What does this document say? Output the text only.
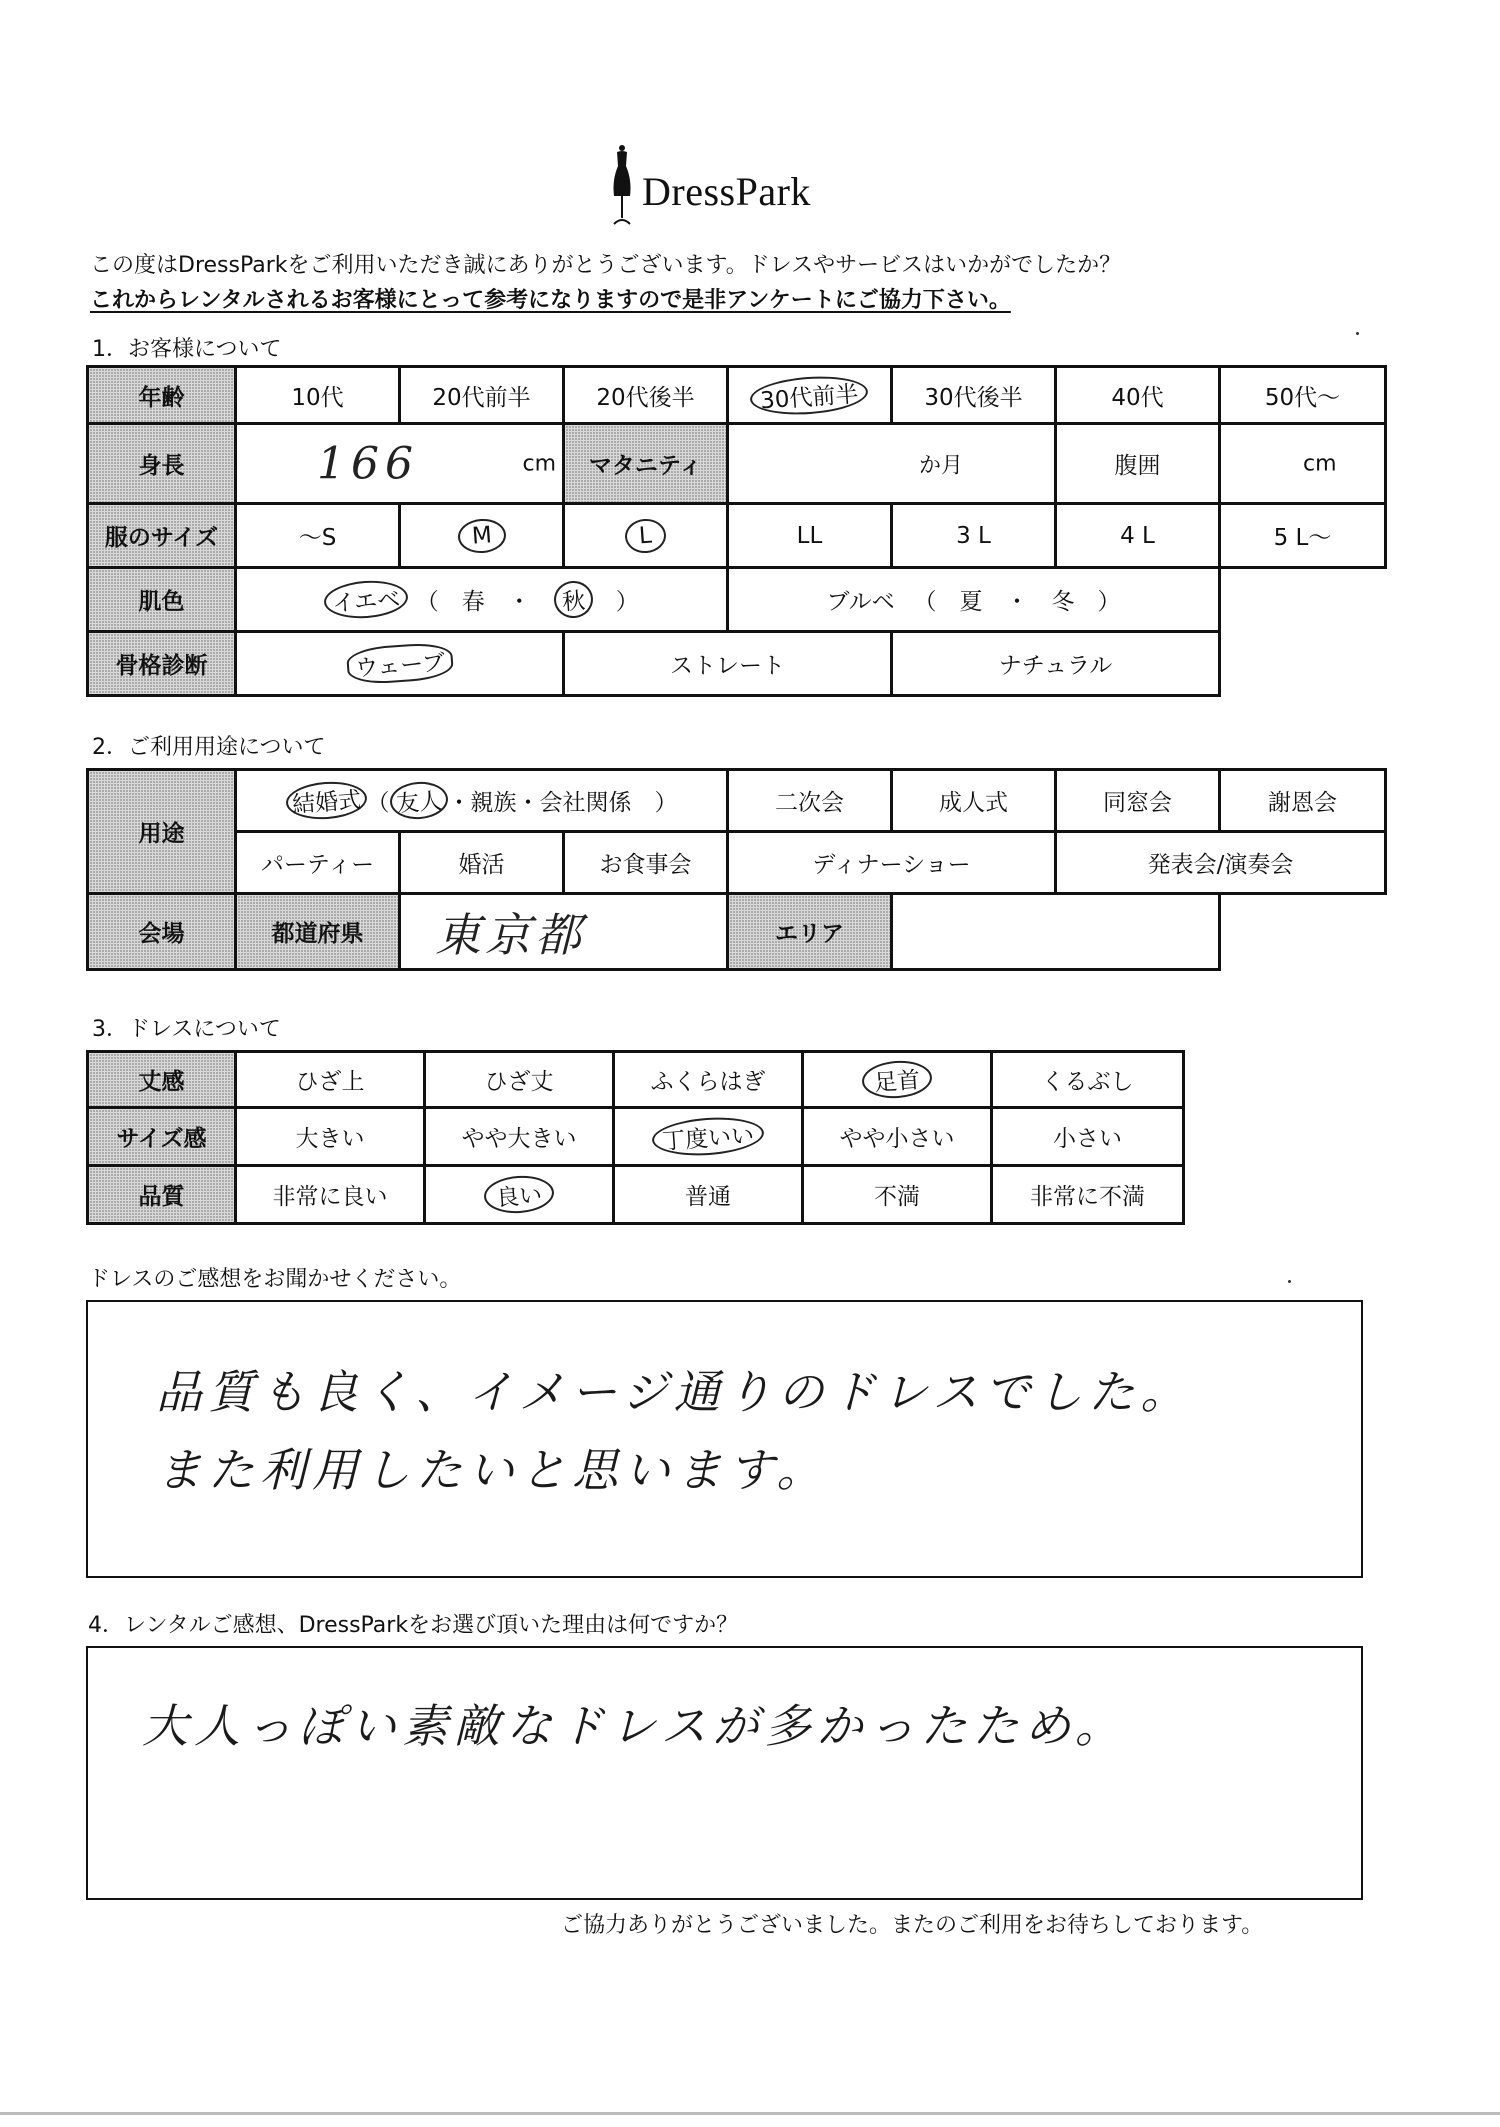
DressPark
この度はDressParkをご利用いただき誠にありがとうございます。ドレスやサービスはいかがでしたか？
これからレンタルされるお客様にとって参考になりますので是非アンケートにご協力下さい。
1．お客様について
年齢	10代	20代前半	20代後半	30代前半	30代後半	40代	50代〜
身長	166 cm		マタニティ	か月		腹囲	cm

服のサイズ	〜S	M	L	LL	3 L	4 L	5 L〜
肌色	イエベ （　春　・　秋　）			ブルベ 　（　夏　・　冬　）			
骨格診断	ウェーブ		ストレート		ナチュラル		
2．ご利用用途について
用途	結婚式 （ 友人 ・親族・会社関係　）			二次会	成人式	同窓会	謝恩会
	パーティー	婚活	お食事会	ディナーショー		発表会/演奏会	
会場	都道府県	東京都		エリア			
3．ドレスについて
丈感	ひざ上	ひざ丈	ふくらはぎ	足首	くるぶし
サイズ感	大きい	やや大きい	丁度いい	やや小さい	小さい
品質	非常に良い	良い	普通	不満	非常に不満
ドレスのご感想をお聞かせください。
品質も良く、イメージ通りのドレスでした。
また利用したいと思います。
4．レンタルご感想、DressParkをお選び頂いた理由は何ですか？
大人っぽい素敵なドレスが多かったため。
ご協力ありがとうございました。またのご利用をお待ちしております。
